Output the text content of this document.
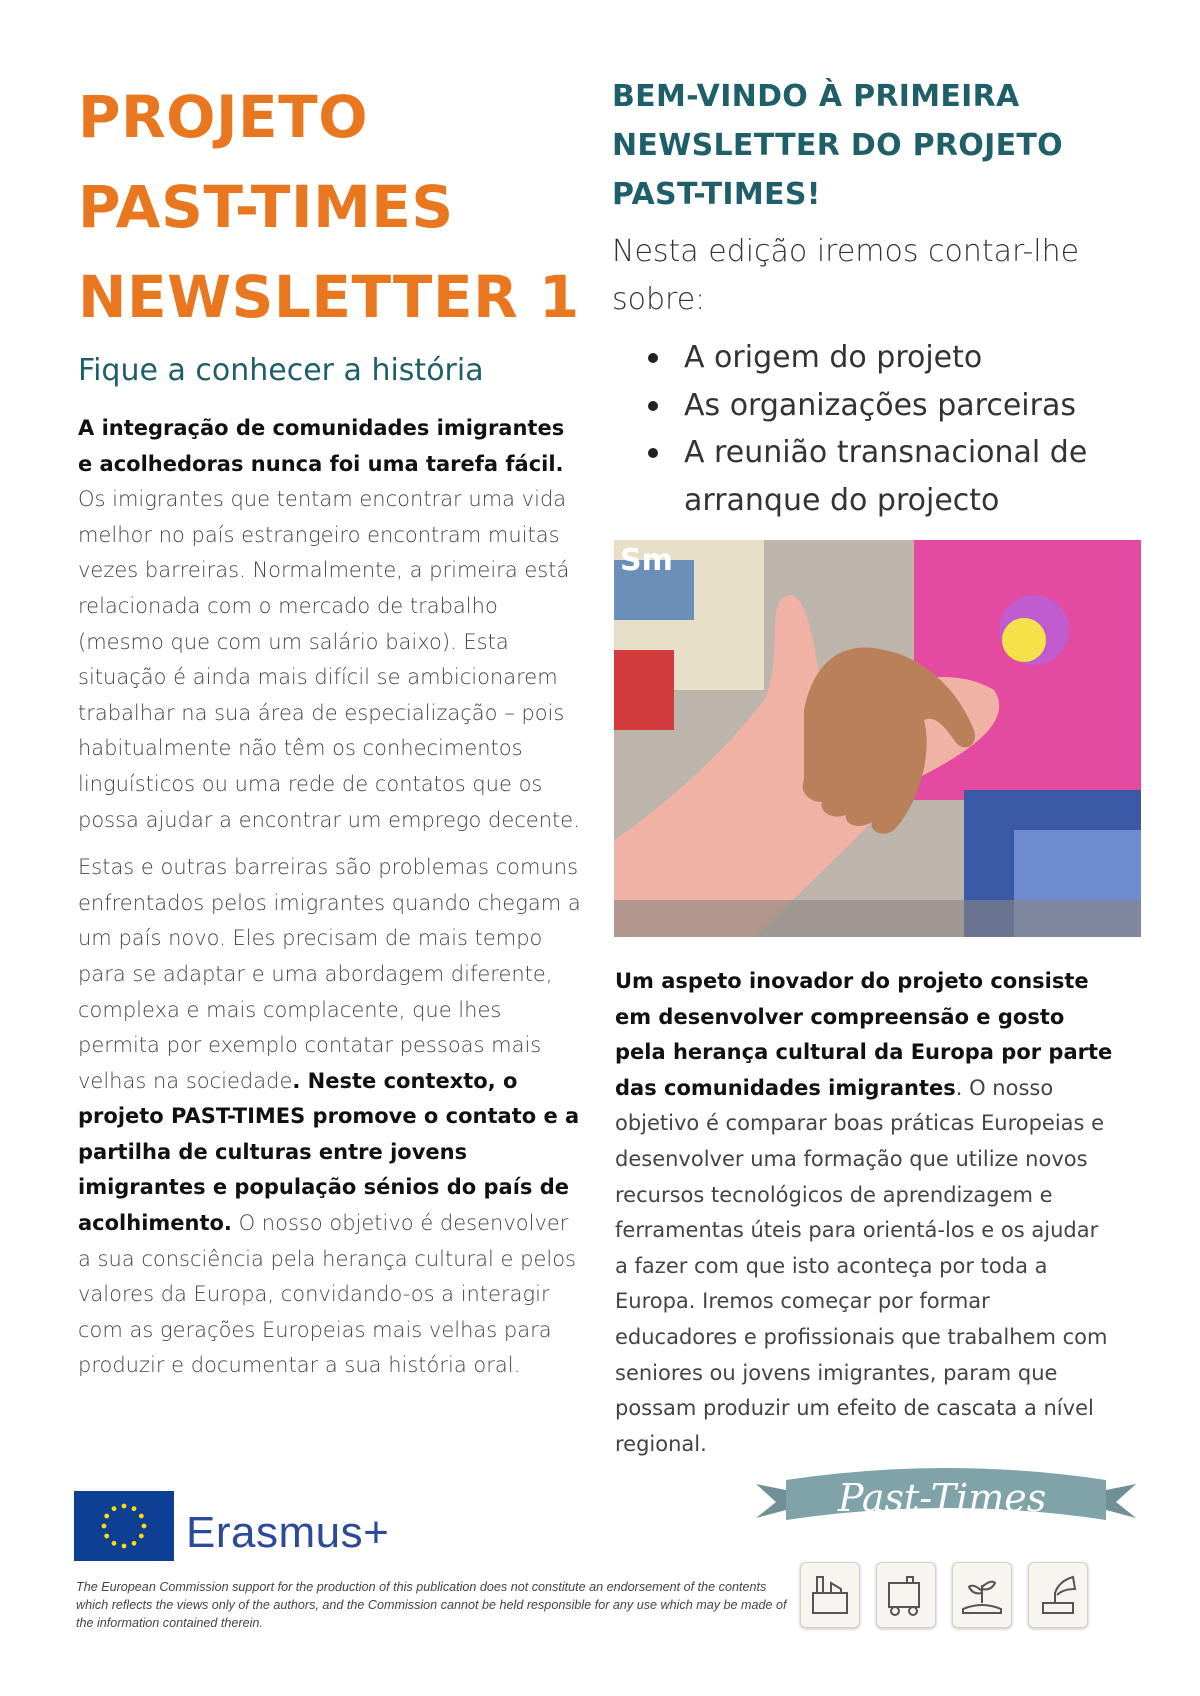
PROJETO
PAST-TIMES
NEWSLETTER 1
Fique a conhecer a história

A integração de comunidades imigrantes e acolhedoras nunca foi uma tarefa fácil. Os imigrantes que tentam encontrar uma vida melhor no país estrangeiro encontram muitas vezes barreiras. Normalmente, a primeira está relacionada com o mercado de trabalho (mesmo que com um salário baixo). Esta situação é ainda mais difícil se ambicionarem trabalhar na sua área de especialização – pois habitualmente não têm os conhecimentos linguísticos ou uma rede de contatos que os possa ajudar a encontrar um emprego decente.

Estas e outras barreiras são problemas comuns enfrentados pelos imigrantes quando chegam a um país novo. Eles precisam de mais tempo para se adaptar e uma abordagem diferente, complexa e mais complacente, que lhes permita por exemplo contatar pessoas mais velhas na sociedade. Neste contexto, o projeto PAST-TIMES promove o contato e a partilha de culturas entre jovens imigrantes e população sénios do país de acolhimento. O nosso objetivo é desenvolver a sua consciência pela herança cultural e pelos valores da Europa, convidando-os a interagir com as gerações Europeias mais velhas para produzir e documentar a sua história oral.

BEM-VINDO À PRIMEIRA
NEWSLETTER DO PROJETO
PAST-TIMES!

Nesta edição iremos contar-lhe sobre:

A origem do projeto
As organizações parceiras
A reunião transnacional de arranque do projecto
Sm

Um aspeto inovador do projeto consiste em desenvolver compreensão e gosto pela herança cultural da Europa por parte das comunidades imigrantes. O nosso objetivo é comparar boas práticas Europeias e desenvolver uma formação que utilize novos recursos tecnológicos de aprendizagem e ferramentas úteis para orientá-los e os ajudar a fazer com que isto aconteça por toda a Europa. Iremos começar por formar educadores e profissionais que trabalhem com seniores ou jovens imigrantes, param que possam produzir um efeito de cascata a nível regional.

Erasmus+

The European Commission support for the production of this publication does not constitute an endorsement of the contents which reflects the views only of the authors, and the Commission cannot be held responsible for any use which may be made of the information contained therein.

Past-Times
